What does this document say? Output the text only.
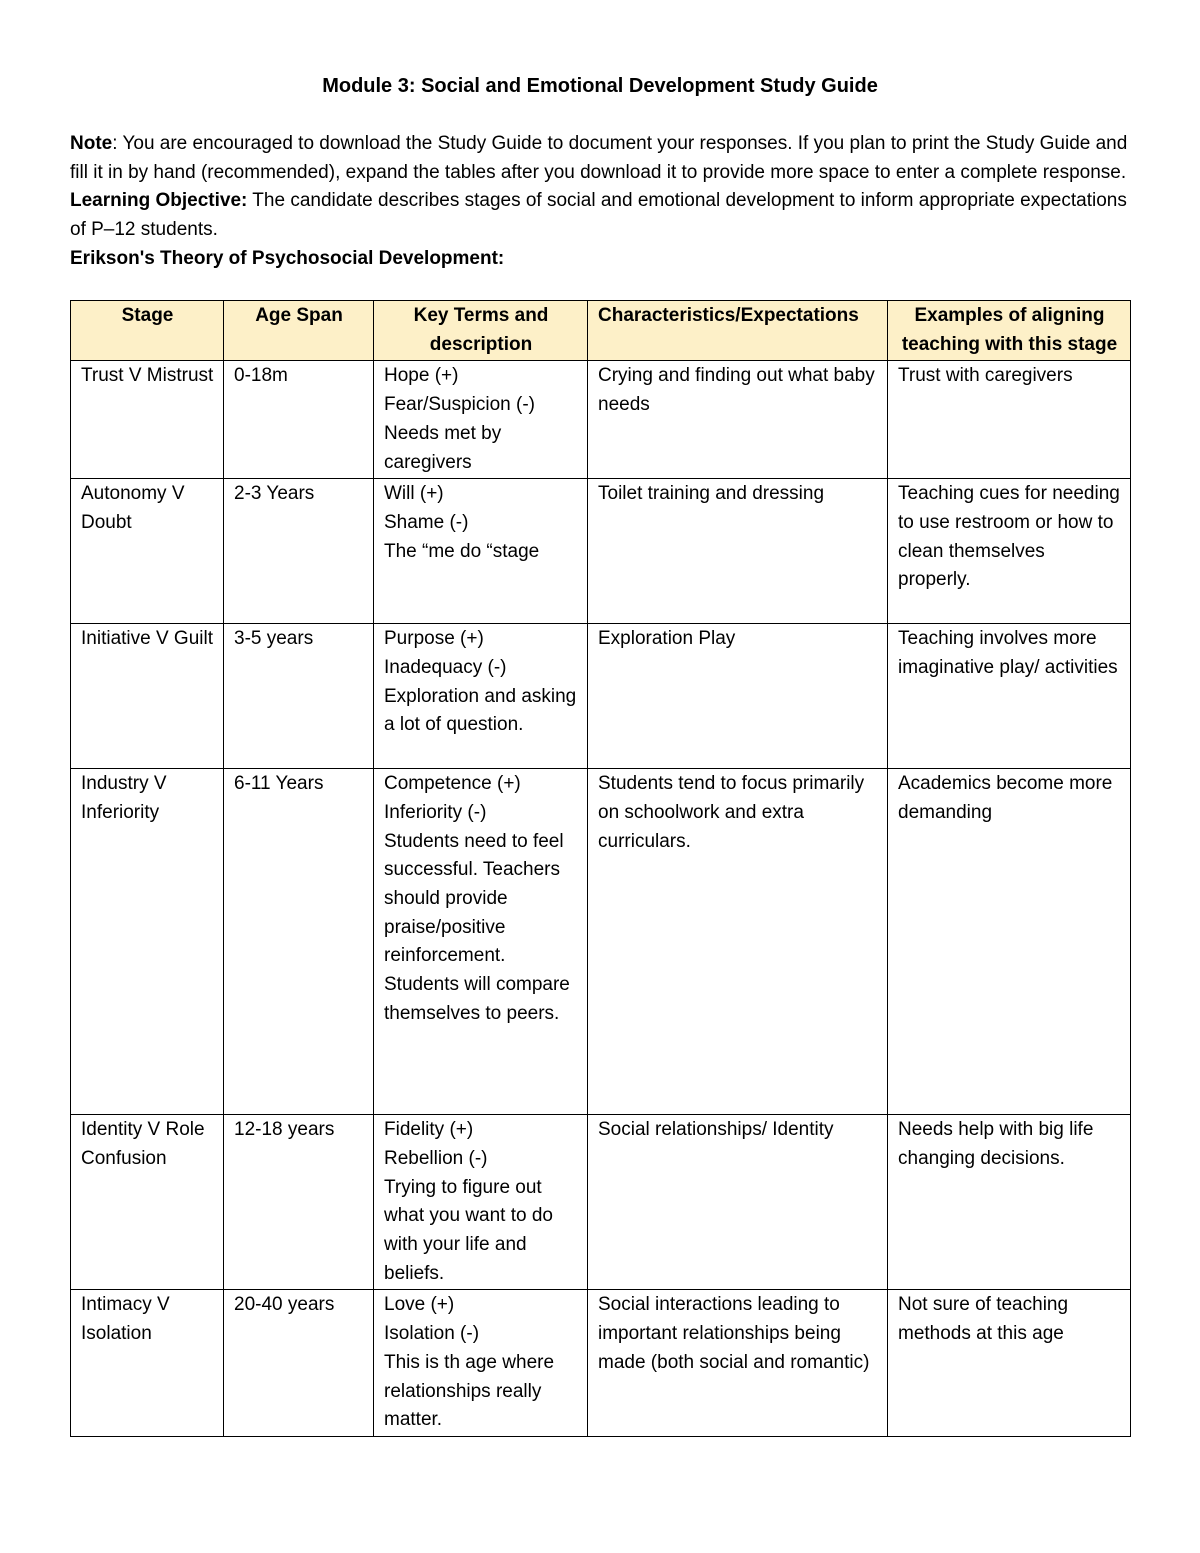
Module 3: Social and Emotional Development Study Guide

Note: You are encouraged to download the Study Guide to document your responses. If you plan to print the Study Guide and fill it in by hand (recommended), expand the tables after you download it to provide more space to enter a complete response.

Learning Objective: The candidate describes stages of social and emotional development to inform appropriate expectations of P–12 students.

Erikson's Theory of Psychosocial Development:

Stage	Age Span	Key Terms and description	Characteristics/Expectations	Examples of aligning teaching with this stage
Trust V Mistrust	0-18m	Hope (+)
Fear/Suspicion (-)
Needs met by caregivers	Crying and finding out what baby needs	Trust with caregivers
Autonomy V Doubt	2-3 Years	Will (+)
Shame (-)
The “me do “stage	Toilet training and dressing	Teaching cues for needing to use restroom or how to clean themselves properly.
Initiative V Guilt	3-5 years	Purpose (+)
Inadequacy (-)
Exploration and asking a lot of question.	Exploration Play	Teaching involves more imaginative play/ activities
Industry V Inferiority	6-11 Years	Competence (+)
Inferiority (-)
Students need to feel successful. Teachers should provide praise/positive reinforcement. Students will compare themselves to peers.	Students tend to focus primarily on schoolwork and extra curriculars.	Academics become more demanding
Identity V Role Confusion	12-18 years	Fidelity (+)
Rebellion (-)
Trying to figure out what you want to do with your life and beliefs.	Social relationships/ Identity	Needs help with big life changing decisions.
Intimacy V Isolation	20-40 years	Love (+)
Isolation (-)
This is th age where relationships really matter.	Social interactions leading to important relationships being made (both social and romantic)	Not sure of teaching methods at this age
